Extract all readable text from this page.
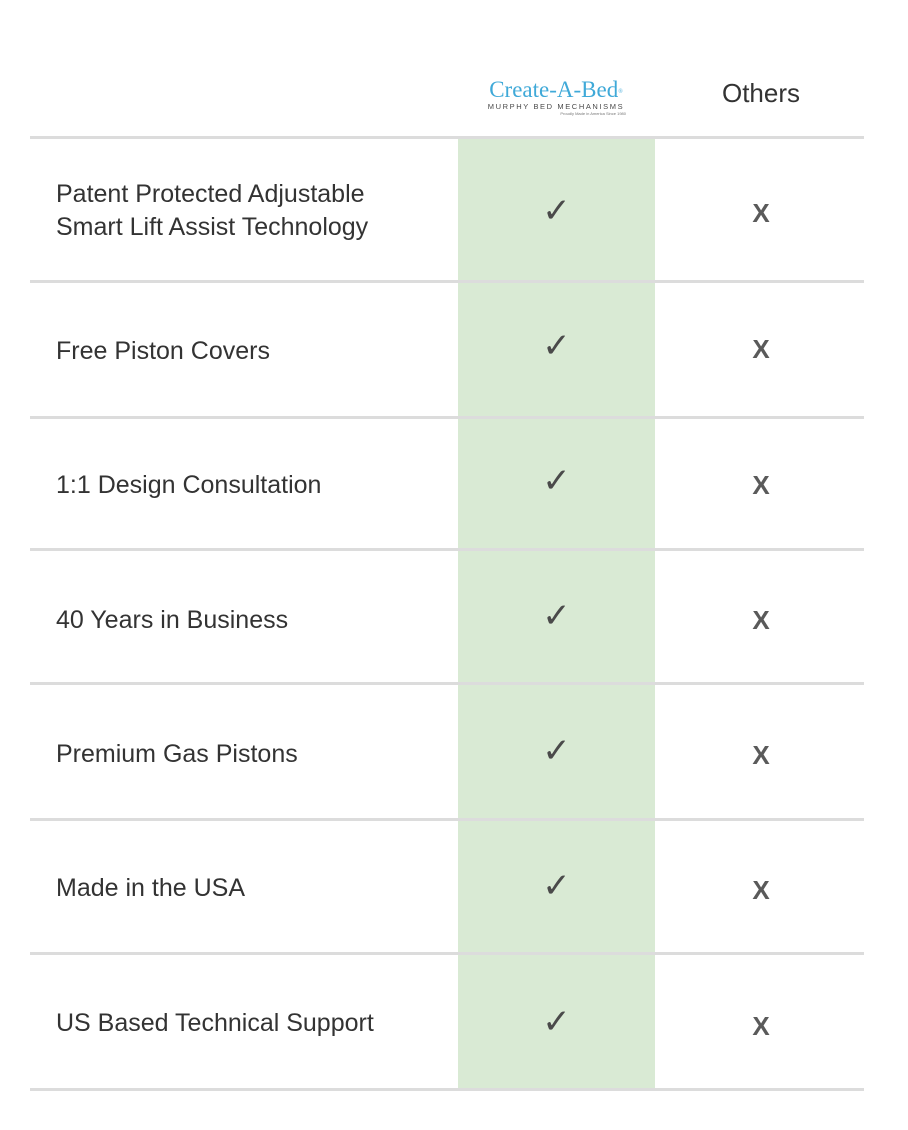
Create-A-Bed®
MURPHY BED MECHANISMS
Proudly Made in America Since 1980
Others
Patent Protected Adjustable
Smart Lift Assist Technology	✓	X
Free Piston Covers	✓	X
1:1 Design Consultation	✓	X
40 Years in Business	✓	X
Premium Gas Pistons	✓	X
Made in the USA	✓	X
US Based Technical Support	✓	X
